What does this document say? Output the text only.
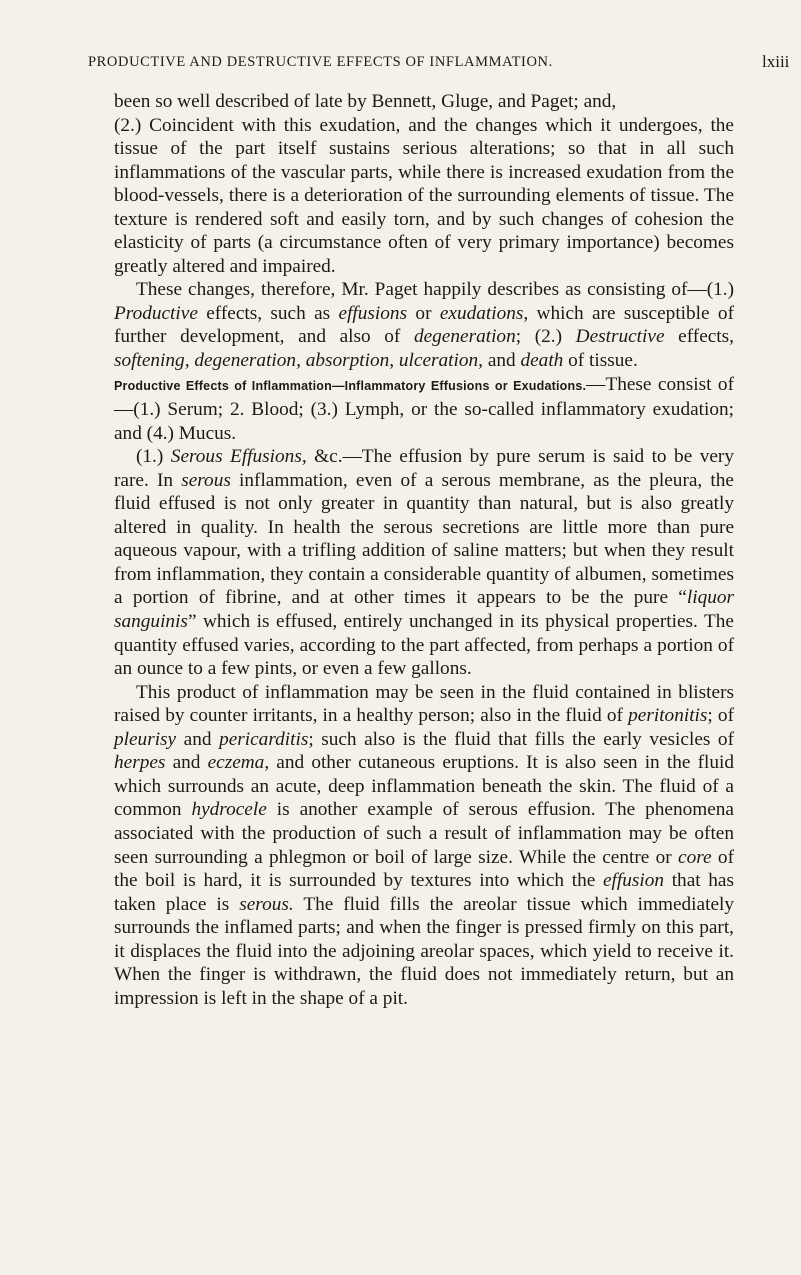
PRODUCTIVE AND DESTRUCTIVE EFFECTS OF INFLAMMATION.	lxiii

been so well described of late by Bennett, Gluge, and Paget; and,
(2.) Coincident with this exudation, and the changes which it undergoes, the tissue of the part itself sustains serious alterations; so that in all such inflammations of the vascular parts, while there is increased exudation from the blood-vessels, there is a deterioration of the surrounding elements of tissue. The texture is rendered soft and easily torn, and by such changes of cohesion the elasticity of parts (a circumstance often of very primary importance) becomes greatly altered and impaired.

These changes, therefore, Mr. Paget happily describes as consisting of—(1.) Productive effects, such as effusions or exudations, which are susceptible of further development, and also of degeneration; (2.) Destructive effects, softening, degeneration, absorption, ulceration, and death of tissue.

Productive Effects of Inflammation—Inflammatory Effusions or Exudations.—These consist of—(1.) Serum; 2. Blood; (3.) Lymph, or the so-called inflammatory exudation; and (4.) Mucus.

(1.) Serous Effusions, &c.—The effusion by pure serum is said to be very rare. In serous inflammation, even of a serous membrane, as the pleura, the fluid effused is not only greater in quantity than natural, but is also greatly altered in quality. In health the serous secretions are little more than pure aqueous vapour, with a trifling addition of saline matters; but when they result from inflammation, they contain a considerable quantity of albumen, sometimes a portion of fibrine, and at other times it appears to be the pure “liquor sanguinis” which is effused, entirely unchanged in its physical properties. The quantity effused varies, according to the part affected, from perhaps a portion of an ounce to a few pints, or even a few gallons.

This product of inflammation may be seen in the fluid contained in blisters raised by counter irritants, in a healthy person; also in the fluid of peritonitis; of pleurisy and pericarditis; such also is the fluid that fills the early vesicles of herpes and eczema, and other cutaneous eruptions. It is also seen in the fluid which surrounds an acute, deep inflammation beneath the skin. The fluid of a common hydrocele is another example of serous effusion. The phenomena associated with the production of such a result of inflammation may be often seen surrounding a phlegmon or boil of large size. While the centre or core of the boil is hard, it is surrounded by textures into which the effusion that has taken place is serous. The fluid fills the areolar tissue which immediately surrounds the inflamed parts; and when the finger is pressed firmly on this part, it displaces the fluid into the adjoining areolar spaces, which yield to receive it. When the finger is withdrawn, the fluid does not immediately return, but an impression is left in the shape of a pit.
